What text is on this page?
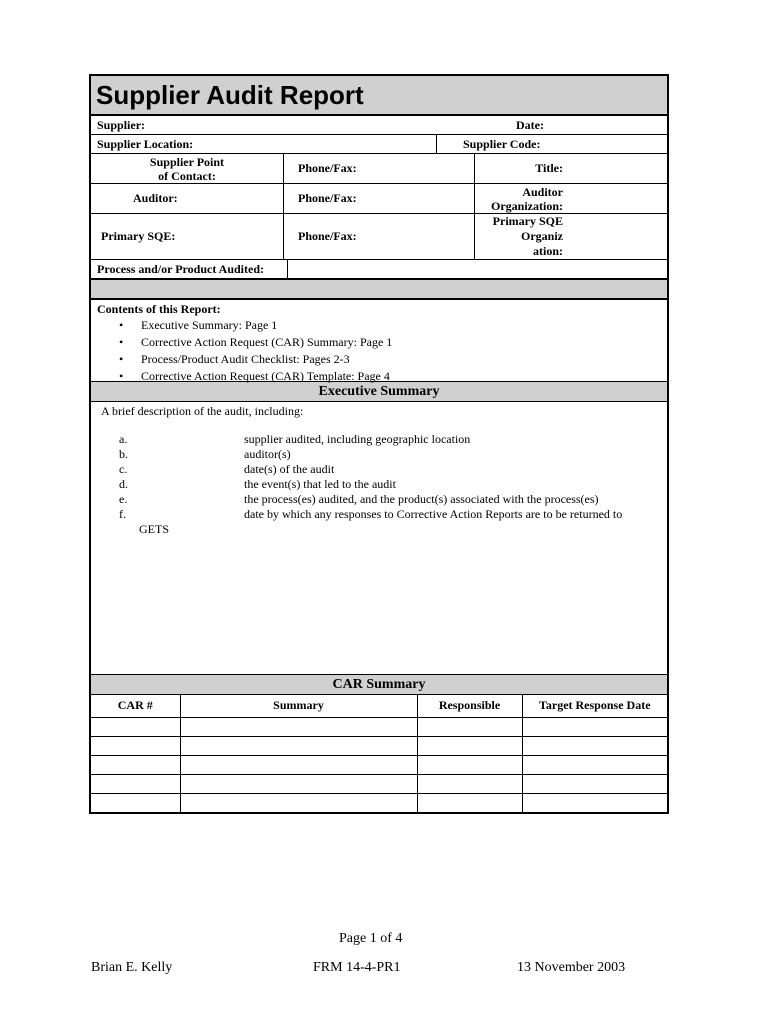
Supplier Audit Report
Supplier:	Date:
Supplier Location:	Supplier Code:
Supplier Point
of Contact:
Phone/Fax:	Title:
Auditor:	Phone/Fax:	Auditor
Organization:
Primary SQE:	Phone/Fax:
Primary SQE
Organiz
ation:
Process and/or Product Audited:
Contents of this Report:
• Executive Summary: Page 1
• Corrective Action Request (CAR) Summary: Page 1
• Process/Product Audit Checklist: Pages 2-3
• Corrective Action Request (CAR) Template: Page 4
Executive Summary
A brief description of the audit, including:
a.	supplier audited, including geographic location
b.	auditor(s)
c.	date(s) of the audit
d.	the event(s) that led to the audit
e.	the process(es) audited, and the product(s) associated with the process(es)
f.	date by which any responses to Corrective Action Reports are to be returned to
GETS
CAR Summary
CAR #	Summary	Responsible	Target Response Date

Page 1 of 4
Brian E. Kelly	FRM 14-4-PR1	13 November 2003
